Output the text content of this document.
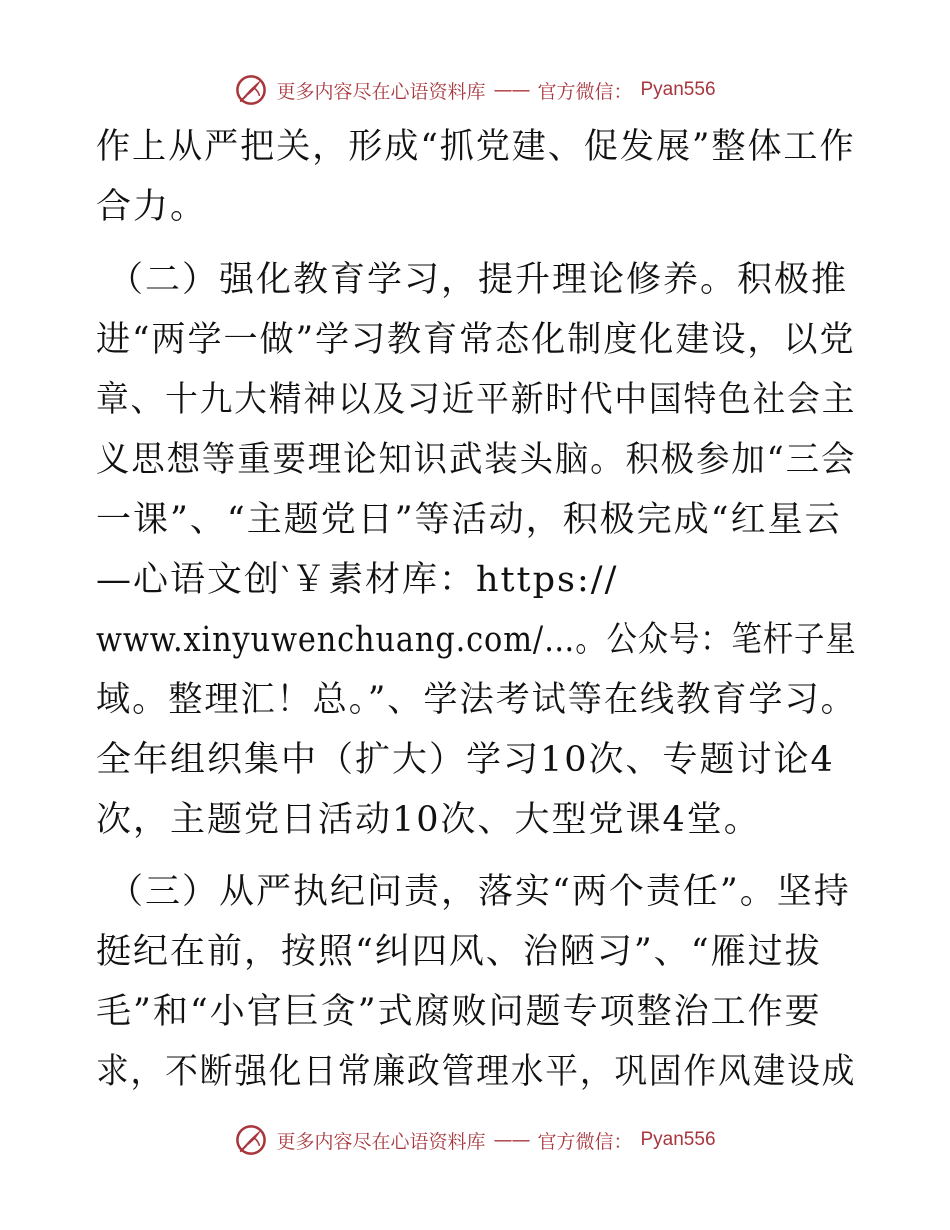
更多内容尽在心语资料库 —— 官方微信： Pyan556
作上从严把关，形成“抓党建、促发展”整体工作
合力。
（二）强化教育学习，提升理论修养。积极推
进“两学一做”学习教育常态化制度化建设，以党
章、十九大精神以及习近平新时代中国特色社会主
义思想等重要理论知识武装头脑。积极参加“三会
一课”、“主题党日”等活动，积极完成“红星云
—心语文创‵￥素材库：https://
www.xinyuwenchuang.com/…。公众号：笔杆子星
域。整理汇！总。”、学法考试等在线教育学习。
全年组织集中（扩大）学习10次、专题讨论4
次，主题党日活动10次、大型党课4堂。
（三）从严执纪问责，落实“两个责任”。坚持
挺纪在前，按照“纠四风、治陋习”、“雁过拔
毛”和“小官巨贪”式腐败问题专项整治工作要
求，不断强化日常廉政管理水平，巩固作风建设成
更多内容尽在心语资料库 —— 官方微信： Pyan556
